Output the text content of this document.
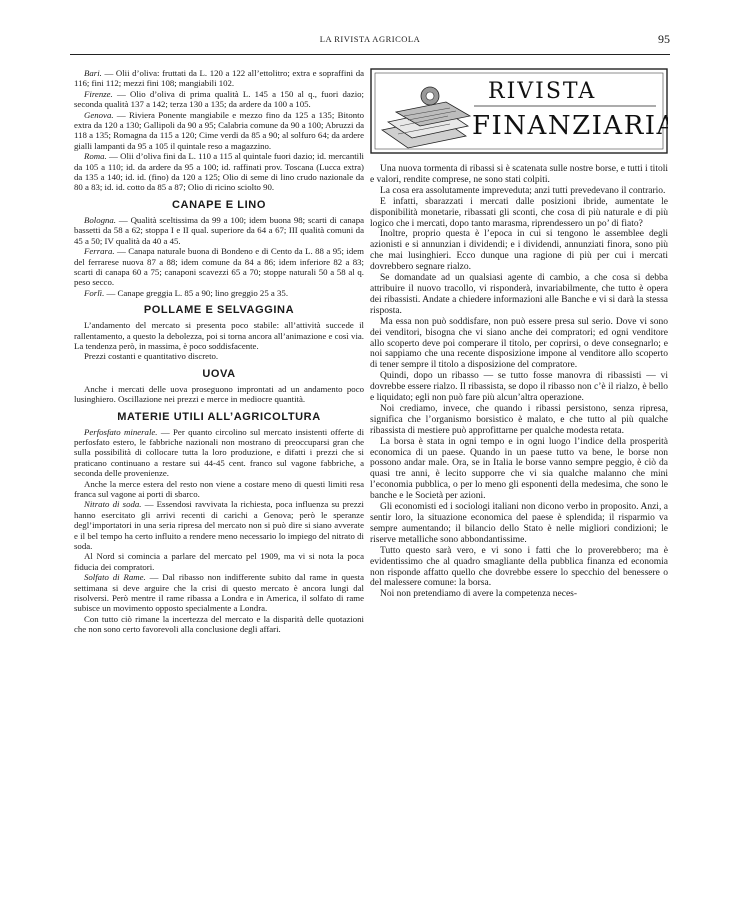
LA RIVISTA AGRICOLA	95

Bari. — Olii d’oliva: fruttati da L. 120 a 122 all’ettolitro; extra e sopraffini da 116; fini 112; mezzi fini 108; mangiabili 102.

Firenze. — Olio d’oliva di prima qualità L. 145 a 150 al q., fuori dazio; seconda qualità 137 a 142; terza 130 a 135; da ardere da 100 a 105.

Genova. — Riviera Ponente mangiabile e mezzo fino da 125 a 135; Bitonto extra da 120 a 130; Gallipoli da 90 a 95; Calabria comune da 90 a 100; Abruzzi da 118 a 135; Romagna da 115 a 120; Cime verdi da 85 a 90; al solfuro 64; da ardere gialli lampanti da 95 a 105 il quintale reso a magazzino.

Roma. — Olii d’oliva fini da L. 110 a 115 al quintale fuori dazio; id. mercantili da 105 a 110; id. da ardere da 95 a 100; id. raffinati prov. Toscana (Lucca extra) da 135 a 140; id. id. (fino) da 120 a 125; Olio di seme di lino crudo nazionale da 80 a 83; id. id. cotto da 85 a 87; Olio di ricino sciolto 90.

CANAPE E LINO

Bologna. — Qualità sceltissima da 99 a 100; idem buona 98; scarti di canapa bassetti da 58 a 62; stoppa I e II qual. superiore da 64 a 67; III qualità comuni da 45 a 50; IV qualità da 40 a 45.

Ferrara. — Canapa naturale buona di Bondeno e di Cento da L. 88 a 95; idem del ferrarese nuova 87 a 88; idem comune da 84 a 86; idem inferiore 82 a 83; scarti di canapa 60 a 75; canaponi scavezzi 65 a 70; stoppe naturali 50 a 58 al q. peso secco.

Forlì. — Canape greggia L. 85 a 90; lino greggio 25 a 35.

POLLAME E SELVAGGINA

L’andamento del mercato si presenta poco stabile: all’attività succede il rallentamento, a questo la debolezza, poi si torna ancora all’animazione e così via. La tendenza però, in massima, è poco soddisfacente.

Prezzi costanti e quantitativo discreto.

UOVA

Anche i mercati delle uova proseguono improntati ad un andamento poco lusinghiero. Oscillazione nei prezzi e merce in mediocre quantità.

MATERIE UTILI ALL’AGRICOLTURA

Perfosfato minerale. — Per quanto circolino sul mercato insistenti offerte di perfosfato estero, le fabbriche nazionali non mostrano di preoccuparsi gran che sulla possibilità di collocare tutta la loro produzione, e difatti i prezzi che si praticano continuano a restare sui 44-45 cent. franco sul vagone fabbriche, a seconda delle provenienze.

Anche la merce estera del resto non viene a costare meno di questi limiti resa franca sul vagone ai porti di sbarco.

Nitrato di soda. — Essendosi ravvivata la richiesta, poca influenza su prezzi hanno esercitato gli arrivi recenti di carichi a Genova; però le speranze degl’importatori in una seria ripresa del mercato non si può dire si siano avverate e il bel tempo ha certo influito a rendere meno necessario lo impiego del nitrato di soda.

Al Nord si comincia a parlare del mercato pel 1909, ma vi si nota la poca fiducia dei compratori.

Solfato di Rame. — Dal ribasso non indifferente subito dal rame in questa settimana si deve arguire che la crisi di questo mercato è ancora lungi dal risolversi. Però mentre il rame ribassa a Londra e in America, il solfato di rame subisce un movimento opposto specialmente a Londra.

Con tutto ciò rimane la incertezza del mercato e la disparità delle quotazioni che non sono certo favorevoli alla conclusione degli affari.

RIVISTA
FINANZIARIA

Una nuova tormenta di ribassi si è scatenata sulle nostre borse, e tutti i titoli e valori, rendite comprese, ne sono stati colpiti.

La cosa era assolutamente impreveduta; anzi tutti prevedevano il contrario.

E infatti, sbarazzati i mercati dalle posizioni ibride, aumentate le disponibilità monetarie, ribassati gli sconti, che cosa di più naturale e di più logico che i mercati, dopo tanto marasma, riprendessero un po’ di fiato?

Inoltre, proprio questa è l’epoca in cui si tengono le assemblee degli azionisti e si annunzian i dividendi; e i dividendi, annunziati finora, sono più che mai lusinghieri. Ecco dunque una ragione di più per cui i mercati dovrebbero segnare rialzo.

Se domandate ad un qualsiasi agente di cambio, a che cosa si debba attribuire il nuovo tracollo, vi risponderà, invariabilmente, che tutto è opera dei ribassisti. Andate a chiedere informazioni alle Banche e vi si darà la stessa risposta.

Ma essa non può soddisfare, non può essere presa sul serio. Dove vi sono dei venditori, bisogna che vi siano anche dei compratori; ed ogni venditore allo scoperto deve poi comperare il titolo, per coprirsi, o deve consegnarlo; e noi sappiamo che una recente disposizione impone al venditore allo scoperto di tener sempre il titolo a disposizione del compratore.

Quindi, dopo un ribasso — se tutto fosse manovra di ribassisti — vi dovrebbe essere rialzo. Il ribassista, se dopo il ribasso non c’è il rialzo, è bello e liquidato; egli non può fare più alcun’altra operazione.

Noi crediamo, invece, che quando i ribassi persistono, senza ripresa, significa che l’organismo borsistico è malato, e che tutto al più qualche ribassista di mestiere può approfittarne per qualche modesta retata.

La borsa è stata in ogni tempo e in ogni luogo l’indice della prosperità economica di un paese. Quando in un paese tutto va bene, le borse non possono andar male. Ora, se in Italia le borse vanno sempre peggio, è ciò da quasi tre anni, è lecito supporre che vi sia qualche malanno che mini l’economia pubblica, o per lo meno gli esponenti della medesima, che sono le banche e le Società per azioni.

Gli economisti ed i sociologi italiani non dicono verbo in proposito. Anzi, a sentir loro, la situazione economica del paese è splendida; il risparmio va sempre aumentando; il bilancio dello Stato è nelle migliori condizioni; le riserve metalliche sono abbondantissime.

Tutto questo sarà vero, e vi sono i fatti che lo proverebbero; ma è evidentissimo che al quadro smagliante della pubblica finanza ed economia non risponde affatto quello che dovrebbe essere lo specchio del benessere o del malessere comune: la borsa.

Noi non pretendiamo di avere la competenza neces-
